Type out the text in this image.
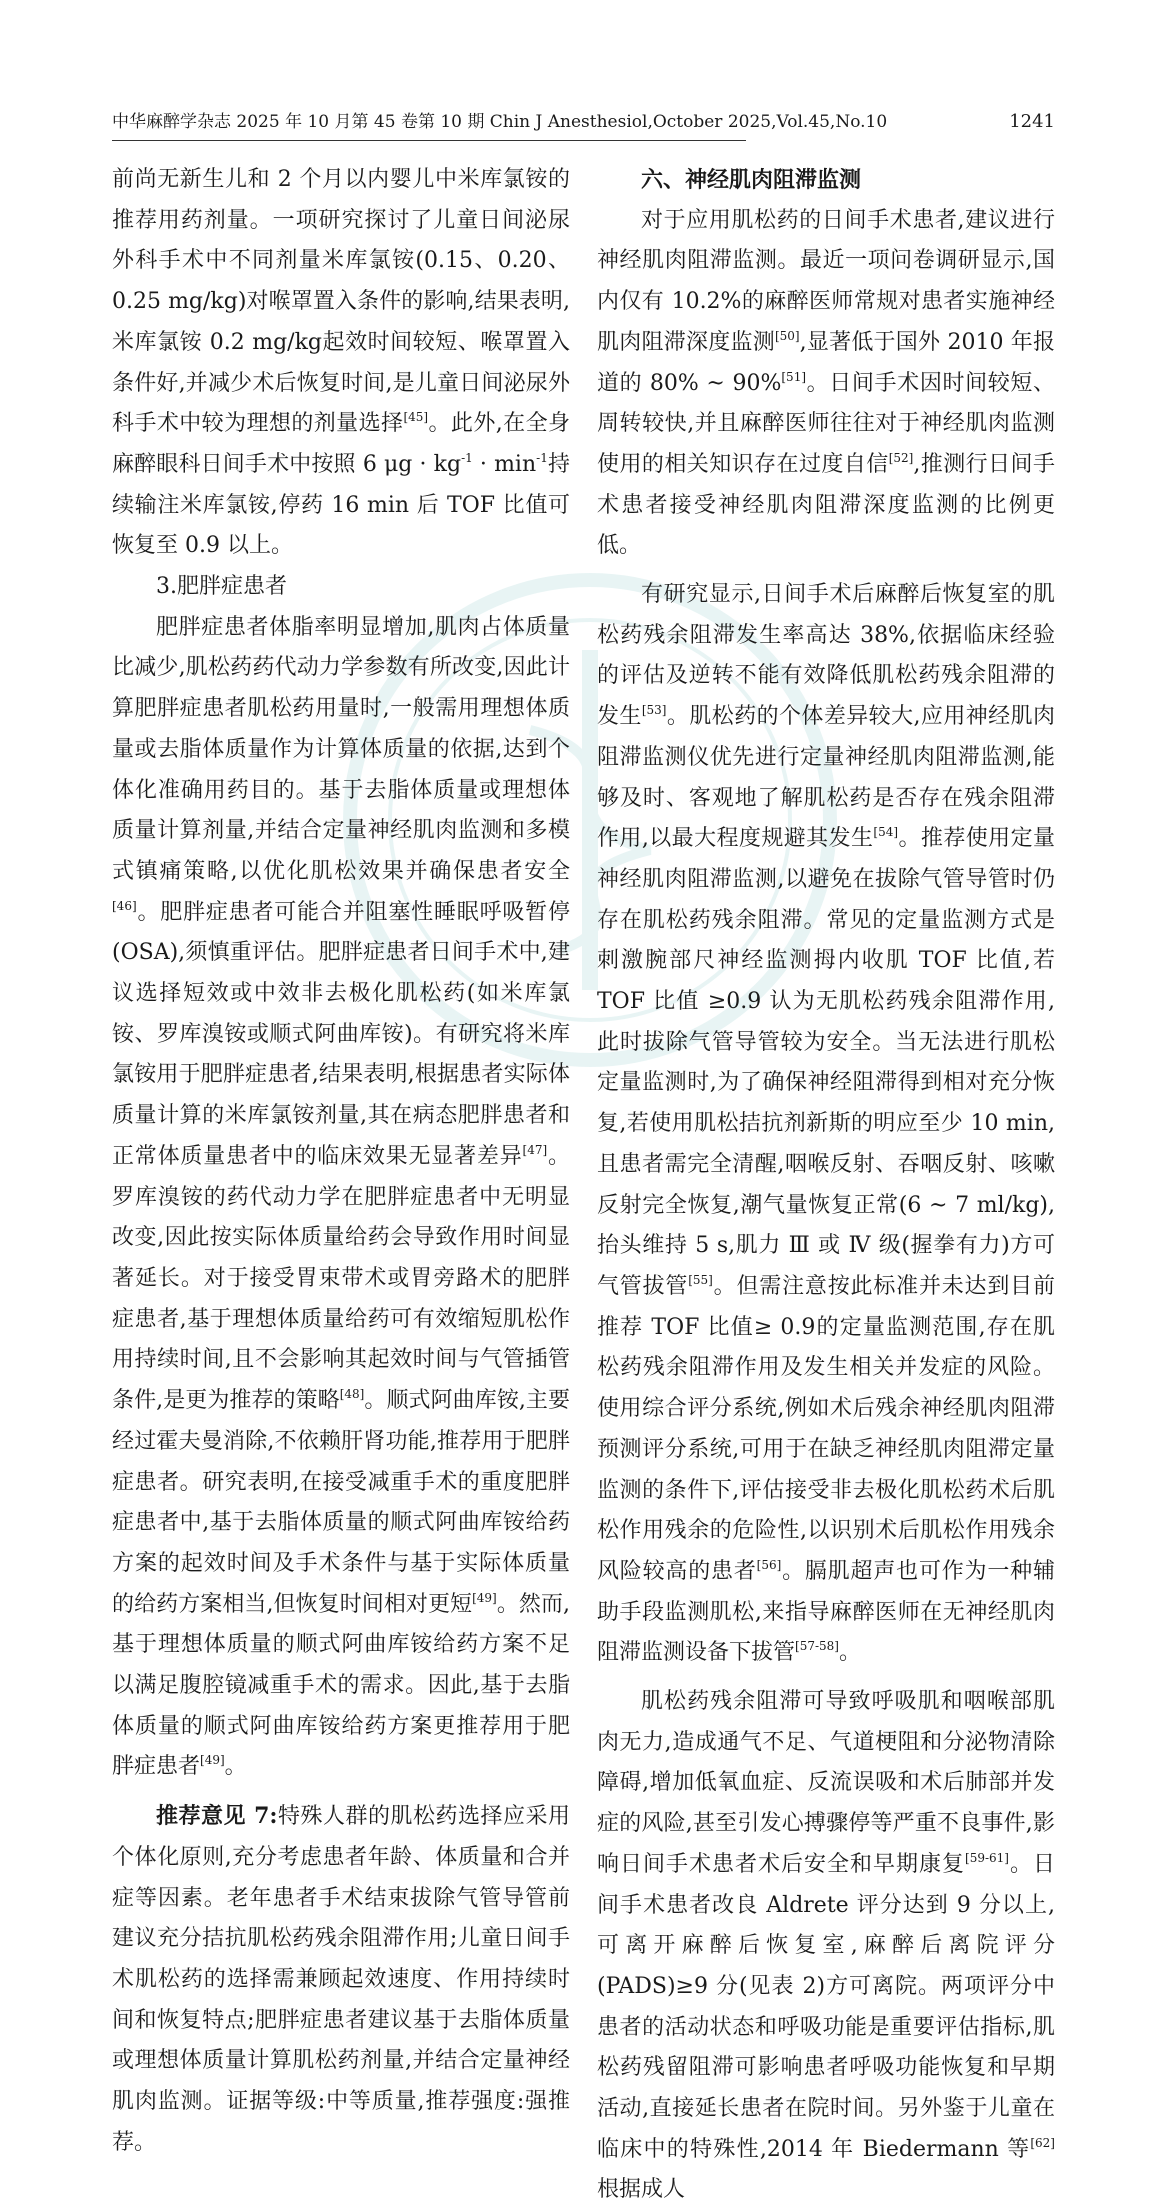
中华麻醉学杂志 2025 年 10 月第 45 卷第 10 期 Chin J Anesthesiol,October 2025,Vol.45,No.10	1241

前尚无新生儿和 2 个月以内婴儿中米库氯铵的推荐用药剂量。一项研究探讨了儿童日间泌尿外科手术中不同剂量米库氯铵(0.15、0.20、0.25 mg/kg)对喉罩置入条件的影响,结果表明,米库氯铵 0.2 mg/kg起效时间较短、喉罩置入条件好,并减少术后恢复时间,是儿童日间泌尿外科手术中较为理想的剂量选择[45]。此外,在全身麻醉眼科日间手术中按照 6 $\mu g \cdot kg^{-1} \cdot \min^{-1}$持续输注米库氯铵,停药 16 min 后 TOF 比值可恢复至 0.9 以上。

3.肥胖症患者

肥胖症患者体脂率明显增加,肌肉占体质量比减少,肌松药药代动力学参数有所改变,因此计算肥胖症患者肌松药用量时,一般需用理想体质量或去脂体质量作为计算体质量的依据,达到个体化准确用药目的。基于去脂体质量或理想体质量计算剂量,并结合定量神经肌肉监测和多模式镇痛策略,以优化肌松效果并确保患者安全[46]。肥胖症患者可能合并阻塞性睡眠呼吸暂停(OSA),须慎重评估。肥胖症患者日间手术中,建议选择短效或中效非去极化肌松药(如米库氯铵、罗库溴铵或顺式阿曲库铵)。有研究将米库氯铵用于肥胖症患者,结果表明,根据患者实际体质量计算的米库氯铵剂量,其在病态肥胖患者和正常体质量患者中的临床效果无显著差异[47]。罗库溴铵的药代动力学在肥胖症患者中无明显改变,因此按实际体质量给药会导致作用时间显著延长。对于接受胃束带术或胃旁路术的肥胖症患者,基于理想体质量给药可有效缩短肌松作用持续时间,且不会影响其起效时间与气管插管条件,是更为推荐的策略[48]。顺式阿曲库铵,主要经过霍夫曼消除,不依赖肝肾功能,推荐用于肥胖症患者。研究表明,在接受减重手术的重度肥胖症患者中,基于去脂体质量的顺式阿曲库铵给药方案的起效时间及手术条件与基于实际体质量的给药方案相当,但恢复时间相对更短[49]。然而,基于理想体质量的顺式阿曲库铵给药方案不足以满足腹腔镜减重手术的需求。因此,基于去脂体质量的顺式阿曲库铵给药方案更推荐用于肥胖症患者[49]。

推荐意见 7:特殊人群的肌松药选择应采用个体化原则,充分考虑患者年龄、体质量和合并症等因素。老年患者手术结束拔除气管导管前建议充分拮抗肌松药残余阻滞作用;儿童日间手术肌松药的选择需兼顾起效速度、作用持续时间和恢复特点;肥胖症患者建议基于去脂体质量或理想体质量计算肌松药剂量,并结合定量神经肌肉监测。证据等级:中等质量,推荐强度:强推荐。

六、神经肌肉阻滞监测

对于应用肌松药的日间手术患者,建议进行神经肌肉阻滞监测。最近一项问卷调研显示,国内仅有 10.2%的麻醉医师常规对患者实施神经肌肉阻滞深度监测[50],显著低于国外 2010 年报道的 80% ~ 90%[51]。日间手术因时间较短、周转较快,并且麻醉医师往往对于神经肌肉监测使用的相关知识存在过度自信[52],推测行日间手术患者接受神经肌肉阻滞深度监测的比例更低。

有研究显示,日间手术后麻醉后恢复室的肌松药残余阻滞发生率高达 38%,依据临床经验的评估及逆转不能有效降低肌松药残余阻滞的发生[53]。肌松药的个体差异较大,应用神经肌肉阻滞监测仪优先进行定量神经肌肉阻滞监测,能够及时、客观地了解肌松药是否存在残余阻滞作用,以最大程度规避其发生[54]。推荐使用定量神经肌肉阻滞监测,以避免在拔除气管导管时仍存在肌松药残余阻滞。常见的定量监测方式是刺激腕部尺神经监测拇内收肌 TOF 比值,若 TOF 比值 ≥0.9 认为无肌松药残余阻滞作用,此时拔除气管导管较为安全。当无法进行肌松定量监测时,为了确保神经阻滞得到相对充分恢复,若使用肌松拮抗剂新斯的明应至少 10 min,且患者需完全清醒,咽喉反射、吞咽反射、咳嗽反射完全恢复,潮气量恢复正常(6 ~ 7 ml/kg),抬头维持 5 s,肌力 Ⅲ 或 Ⅳ 级(握拳有力)方可气管拔管[55]。但需注意按此标准并未达到目前推荐 TOF 比值≥ 0.9的定量监测范围,存在肌松药残余阻滞作用及发生相关并发症的风险。使用综合评分系统,例如术后残余神经肌肉阻滞预测评分系统,可用于在缺乏神经肌肉阻滞定量监测的条件下,评估接受非去极化肌松药术后肌松作用残余的危险性,以识别术后肌松作用残余风险较高的患者[56]。膈肌超声也可作为一种辅助手段监测肌松,来指导麻醉医师在无神经肌肉阻滞监测设备下拔管[57-58]。

肌松药残余阻滞可导致呼吸肌和咽喉部肌肉无力,造成通气不足、气道梗阻和分泌物清除障碍,增加低氧血症、反流误吸和术后肺部并发症的风险,甚至引发心搏骤停等严重不良事件,影响日间手术患者术后安全和早期康复[59-61]。日间手术患者改良 Aldrete 评分达到 9 分以上,可离开麻醉后恢复室,麻醉后离院评分(PADS)≥9 分(见表 2)方可离院。两项评分中患者的活动状态和呼吸功能是重要评估指标,肌松药残留阻滞可影响患者呼吸功能恢复和早期活动,直接延长患者在院时间。另外鉴于儿童在临床中的特殊性,2014 年 Biedermann 等[62]根据成人
